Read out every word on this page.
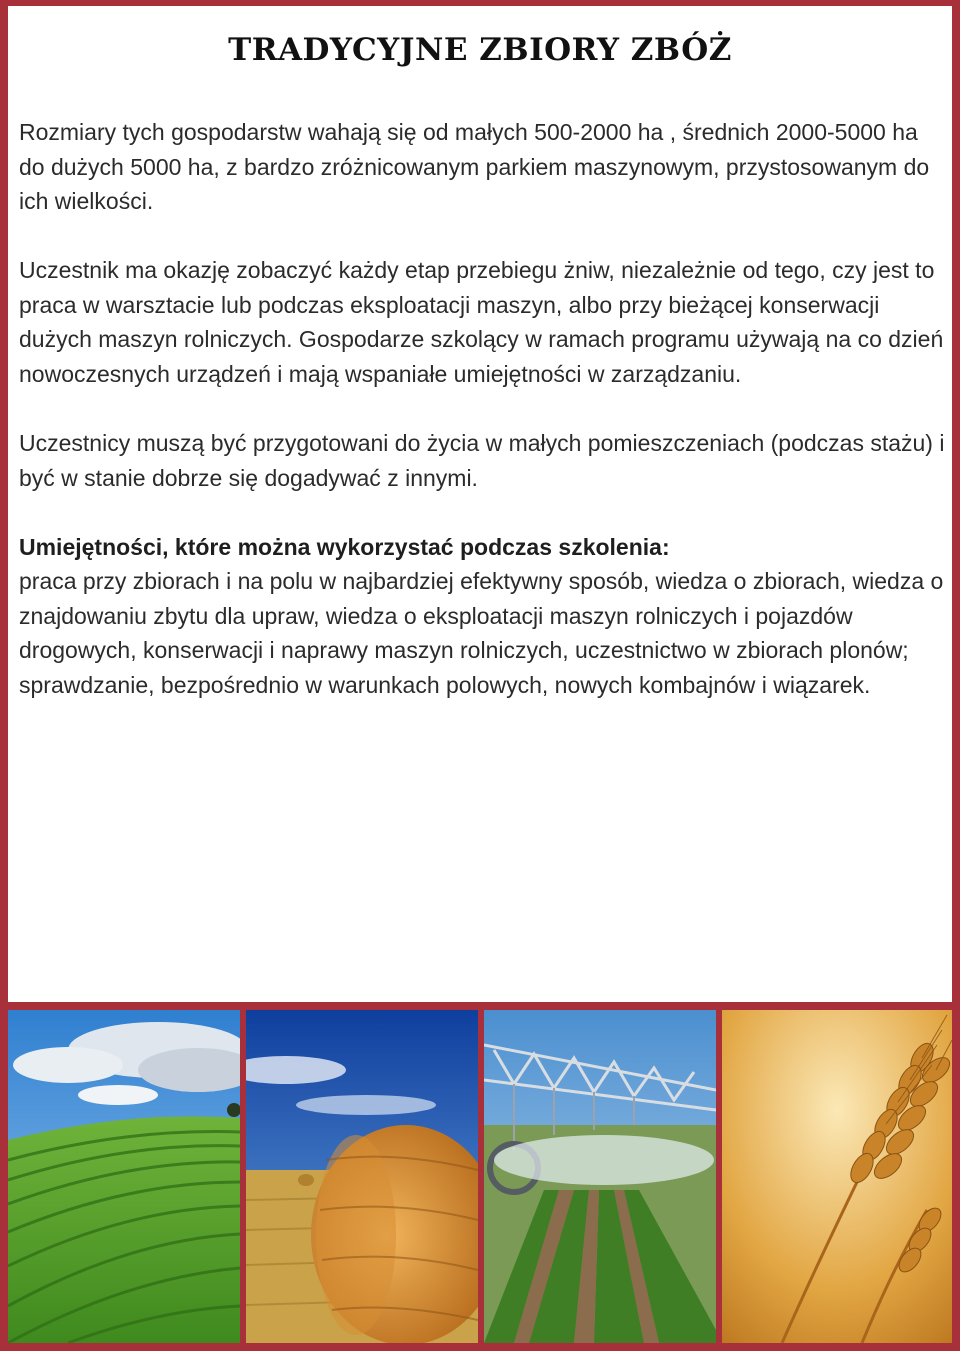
TRADYCYJNE ZBIORY ZBÓŻ

Rozmiary tych gospodarstw wahają się od małych 500-2000 ha , średnich 2000-5000 ha do dużych 5000 ha, z bardzo zróżnicowanym parkiem maszynowym, przystosowanym do ich wielkości.

Uczestnik ma okazję zobaczyć każdy etap przebiegu żniw, niezależnie od tego, czy jest to praca w warsztacie lub podczas eksploatacji maszyn, albo przy bieżącej konserwacji dużych maszyn rolniczych. Gospodarze szkolący w ramach programu używają na co dzień nowoczesnych urządzeń i mają wspaniałe umiejętności w zarządzaniu.

Uczestnicy muszą być przygotowani do życia w małych pomieszczeniach (podczas stażu) i być w stanie dobrze się dogadywać z innymi.

Umiejętności, które można wykorzystać podczas szkolenia:

praca przy zbiorach i na polu w najbardziej efektywny sposób, wiedza o zbiorach, wiedza o znajdowaniu zbytu dla upraw, wiedza o eksploatacji maszyn rolniczych i pojazdów drogowych, konserwacji i naprawy maszyn rolniczych, uczestnictwo w zbiorach plonów; sprawdzanie, bezpośrednio w warunkach polowych, nowych kombajnów i wiązarek.
